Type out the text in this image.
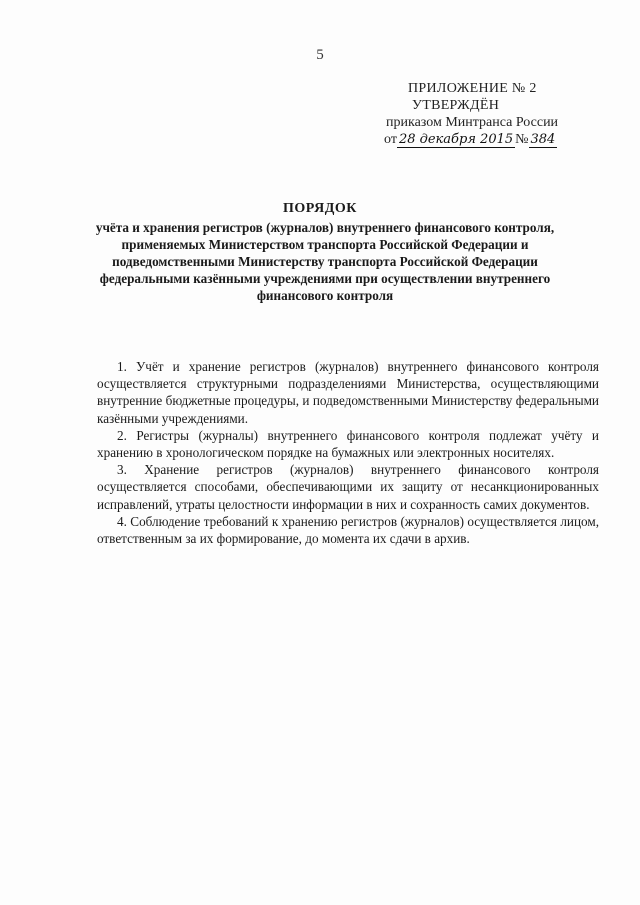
5
ПРИЛОЖЕНИЕ № 2
УТВЕРЖДЁН
приказом Минтранса России
от 28 декабря 2015 № 384
ПОРЯДОК
учёта и хранения регистров (журналов) внутреннего финансового контроля,
применяемых Министерством транспорта Российской Федерации и
подведомственными Министерству транспорта Российской Федерации
федеральными казёнными учреждениями при осуществлении внутреннего
финансового контроля

1. Учёт и хранение регистров (журналов) внутреннего финансового контроля осуществляется структурными подразделениями Министерства, осуществляющими внутренние бюджетные процедуры, и подведомственными Министерству федеральными казёнными учреждениями.

2. Регистры (журналы) внутреннего финансового контроля подлежат учёту и хранению в хронологическом порядке на бумажных или электронных носителях.

3. Хранение регистров (журналов) внутреннего финансового контроля осуществляется способами, обеспечивающими их защиту от несанкционированных исправлений, утраты целостности информации в них и сохранность самих документов.

4. Соблюдение требований к хранению регистров (журналов) осуществляется лицом, ответственным за их формирование, до момента их сдачи в архив.
